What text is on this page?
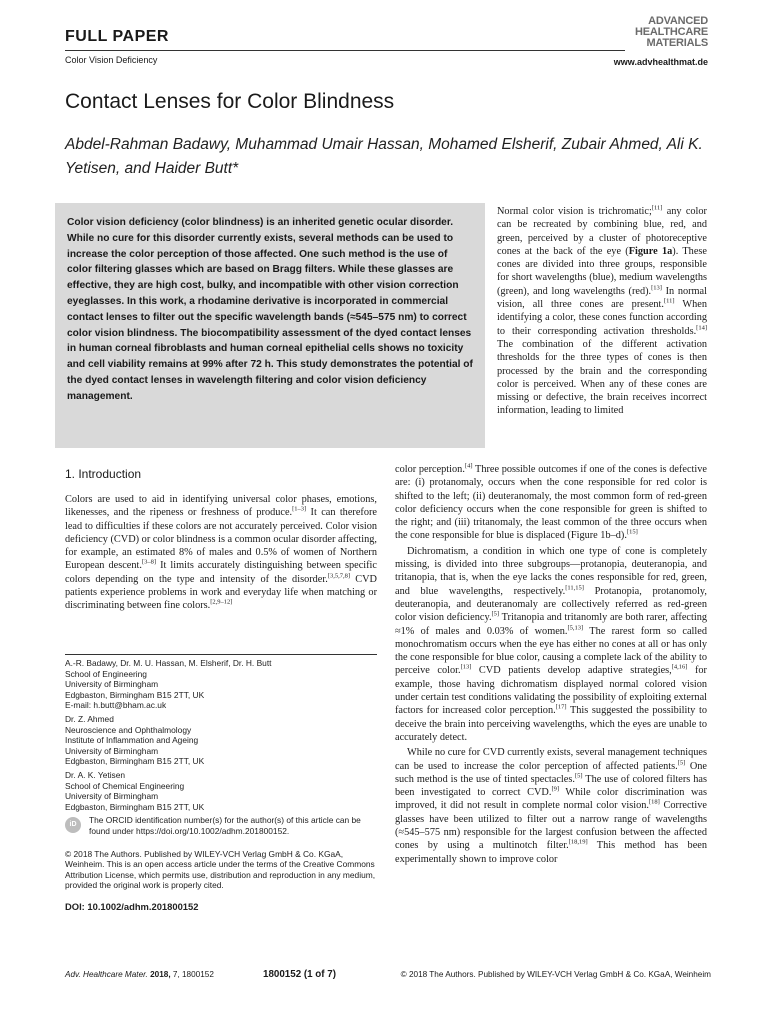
FULL PAPER
Color Vision Deficiency
ADVANCED
HEALTHCARE
MATERIALS
www.advhealthmat.de
Contact Lenses for Color Blindness
Abdel-Rahman Badawy, Muhammad Umair Hassan, Mohamed Elsherif, Zubair Ahmed, Ali K. Yetisen, and Haider Butt*

Color vision deficiency (color blindness) is an inherited genetic ocular disorder. While no cure for this disorder currently exists, several methods can be used to increase the color perception of those affected. One such method is the use of color filtering glasses which are based on Bragg filters. While these glasses are effective, they are high cost, bulky, and incompatible with other vision correction eyeglasses. In this work, a rhodamine derivative is incorporated in commercial contact lenses to filter out the specific wavelength bands (≈545–575 nm) to correct color vision blindness. The biocompatibility assessment of the dyed contact lenses in human corneal fibroblasts and human corneal epithelial cells shows no toxicity and cell viability remains at 99% after 72 h. This study demonstrates the potential of the dyed contact lenses in wavelength filtering and color vision deficiency management.

1. Introduction
Colors are used to aid in identifying universal color phases, emotions, likenesses, and the ripeness or freshness of produce.[1–3] It can therefore lead to difficulties if these colors are not accurately perceived. Color vision deficiency (CVD) or color blindness is a common ocular disorder affecting, for example, an estimated 8% of males and 0.5% of women of Northern European descent.[3–8] It limits accurately distinguishing between specific colors depending on the type and intensity of the disorder.[3,5,7,8] CVD patients experience problems in work and everyday life when matching or discriminating between fine colors.[2,9–12]
A.-R. Badawy, Dr. M. U. Hassan, M. Elsherif, Dr. H. Butt
School of Engineering
University of Birmingham
Edgbaston, Birmingham B15 2TT, UK
E-mail: h.butt@bham.ac.uk
Dr. Z. Ahmed
Neuroscience and Ophthalmology
Institute of Inflammation and Ageing
University of Birmingham
Edgbaston, Birmingham B15 2TT, UK
Dr. A. K. Yetisen
School of Chemical Engineering
University of Birmingham
Edgbaston, Birmingham B15 2TT, UK
iD	The ORCID identification number(s) for the author(s) of this article can be found under https://doi.org/10.1002/adhm.201800152.
© 2018 The Authors. Published by WILEY-VCH Verlag GmbH & Co. KGaA, Weinheim. This is an open access article under the terms of the Creative Commons Attribution License, which permits use, distribution and reproduction in any medium, provided the original work is properly cited.
DOI: 10.1002/adhm.201800152
Normal color vision is trichromatic;[11] any color can be recreated by combining blue, red, and green, perceived by a cluster of photoreceptive cones at the back of the eye (Figure 1a). These cones are divided into three groups, responsible for short wavelengths (blue), medium wavelengths (green), and long wavelengths (red).[13] In normal vision, all three cones are present.[11] When identifying a color, these cones function according to their corresponding activation thresholds.[14] The combination of the different activation thresholds for the three types of cones is then processed by the brain and the corresponding color is perceived. When any of these cones are missing or defective, the brain receives incorrect information, leading to limited

color perception.[4] Three possible outcomes if one of the cones is defective are: (i) protanomaly, occurs when the cone responsible for red color is shifted to the left; (ii) deuteranomaly, the most common form of red-green color deficiency occurs when the cone responsible for green is shifted to the right; and (iii) tritanomaly, the least common of the three occurs when the cone responsible for blue is displaced (Figure 1b–d).[15]

Dichromatism, a condition in which one type of cone is completely missing, is divided into three subgroups—protanopia, deuteranopia, and tritanopia, that is, when the eye lacks the cones responsible for red, green, and blue wavelengths, respectively.[11,15] Protanopia, protanomoly, deuteranopia, and deuteranomaly are collectively referred as red-green color vision deficiency.[5] Tritanopia and tritanomly are both rarer, affecting ≈1% of males and 0.03% of women.[5,13] The rarest form so called monochromatism occurs when the eye has either no cones at all or has only the cone responsible for blue color, causing a complete lack of the ability to perceive color.[13] CVD patients develop adaptive strategies,[4,16] for example, those having dichromatism displayed normal colored vision under certain test conditions validating the possibility of exploiting external factors for increased color perception.[17] This suggested the possibility to deceive the brain into perceiving wavelengths, which the eyes are unable to accurately detect.

While no cure for CVD currently exists, several management techniques can be used to increase the color perception of affected patients.[5] One such method is the use of tinted spectacles.[5] The use of colored filters has been investigated to correct CVD.[9] While color discrimination was improved, it did not result in complete normal color vision.[18] Corrective glasses have been utilized to filter out a narrow range of wavelengths (≈545–575 nm) responsible for the largest confusion between the affected cones by using a multinotch filter.[18,19] This method has been experimentally shown to improve color

Adv. Healthcare Mater. 2018, 7, 1800152	1800152 (1 of 7)	© 2018 The Authors. Published by WILEY-VCH Verlag GmbH & Co. KGaA, Weinheim
